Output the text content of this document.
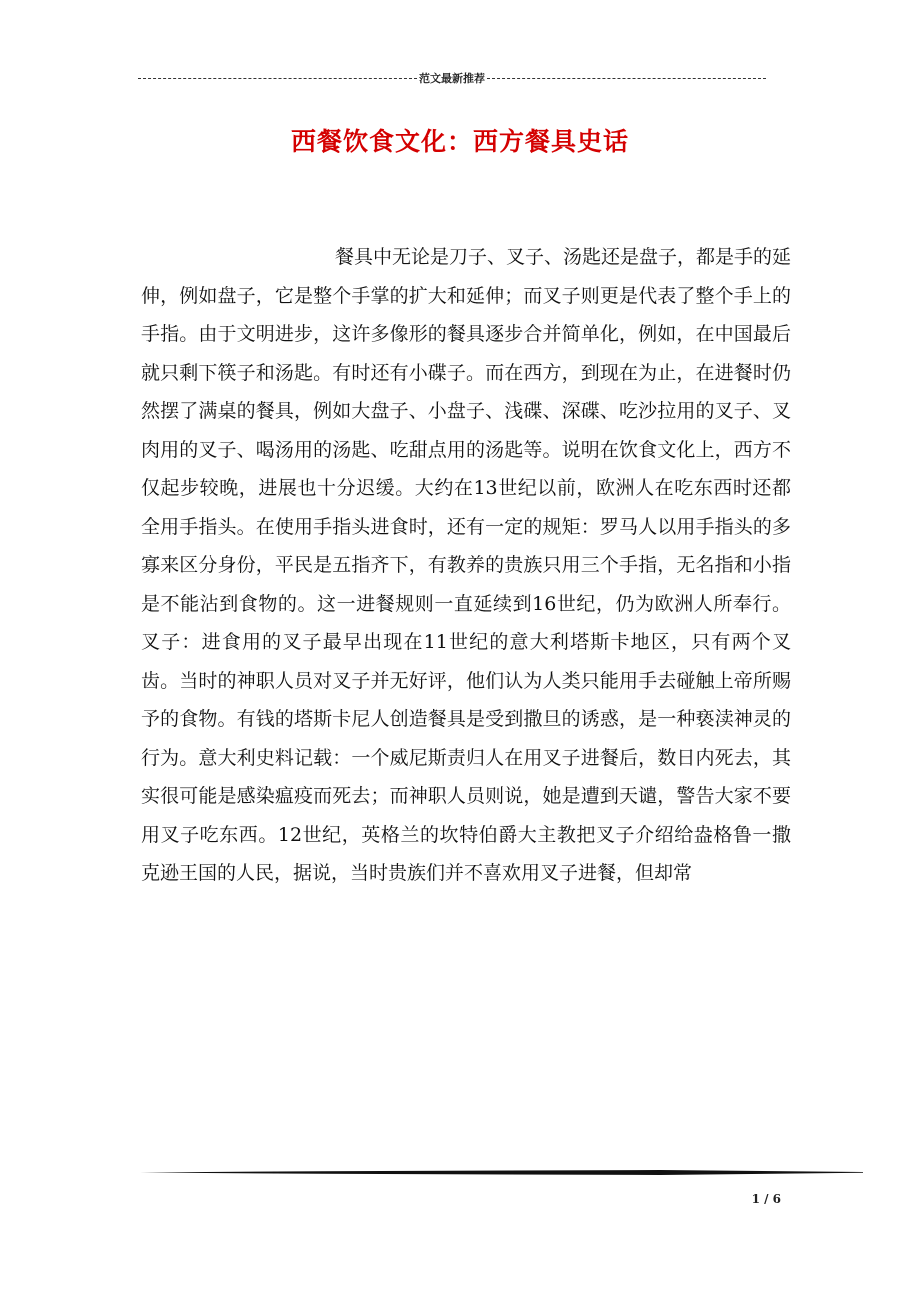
范文最新推荐
西餐饮食文化：西方餐具史话

餐具中无论是刀子、叉子、汤匙还是盘子，都是手的延伸，例如盘子，它是整个手掌的扩大和延伸；而叉子则更是代表了整个手上的手指。由于文明进步，这许多像形的餐具逐步合并简单化，例如，在中国最后就只剩下筷子和汤匙。有时还有小碟子。而在西方，到现在为止，在进餐时仍然摆了满桌的餐具，例如大盘子、小盘子、浅碟、深碟、吃沙拉用的叉子、叉肉用的叉子、喝汤用的汤匙、吃甜点用的汤匙等。说明在饮食文化上，西方不仅起步较晚，进展也十分迟缓。大约在13世纪以前，欧洲人在吃东西时还都全用手指头。在使用手指头进食时，还有一定的规矩：罗马人以用手指头的多寡来区分身份，平民是五指齐下，有教养的贵族只用三个手指，无名指和小指是不能沾到食物的。这一进餐规则一直延续到16世纪，仍为欧洲人所奉行。叉子：进食用的叉子最早出现在11世纪的意大利塔斯卡地区，只有两个叉齿。当时的神职人员对叉子并无好评，他们认为人类只能用手去碰触上帝所赐予的食物。有钱的塔斯卡尼人创造餐具是受到撒旦的诱惑，是一种亵渎神灵的行为。意大利史料记载：一个威尼斯责归人在用叉子进餐后，数日内死去，其实很可能是感染瘟疫而死去；而神职人员则说，她是遭到天谴，警告大家不要用叉子吃东西。12世纪，英格兰的坎特伯爵大主教把叉子介绍给盎格鲁一撒克逊王国的人民，据说，当时贵族们并不喜欢用叉子进餐，但却常

1 / 6
